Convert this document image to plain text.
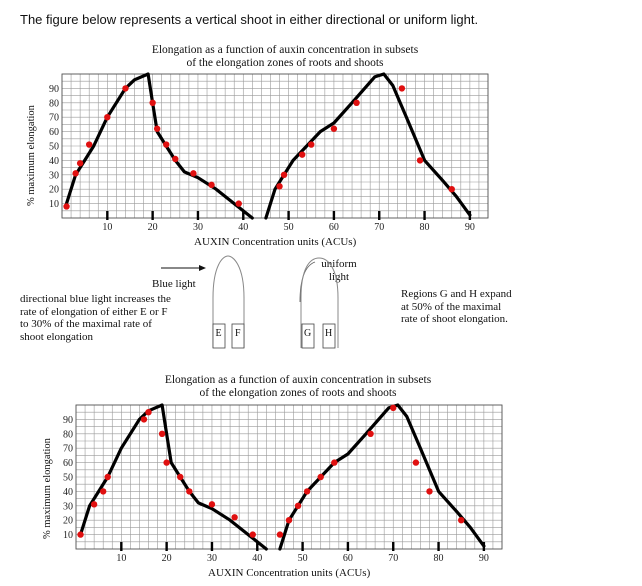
The figure below represents a vertical shoot in either directional or uniform light.
Elongation as a function of auxin concentration in subsets
of the elongation zones of roots and shoots
% maximum elongation 10
20
30
40
50
60
70
80
90
10	20	30	40	50	60	70	80	90
AUXIN Concentration units (ACUs)
Blue light
directional blue light increases the
rate of elongation of either E or F
to 30% of the maximal rate of
shoot elongation
uniform
light
Regions G and H expand
at 50% of the maximal
rate of shoot elongation.
E F	G H
Elongation as a function of auxin concentration in subsets
of the elongation zones of roots and shoots
% maximum elongation 10
20
30
40
50
60
70
80
90
10	20	30	40	50	60	70	80	90
AUXIN Concentration units (ACUs)
